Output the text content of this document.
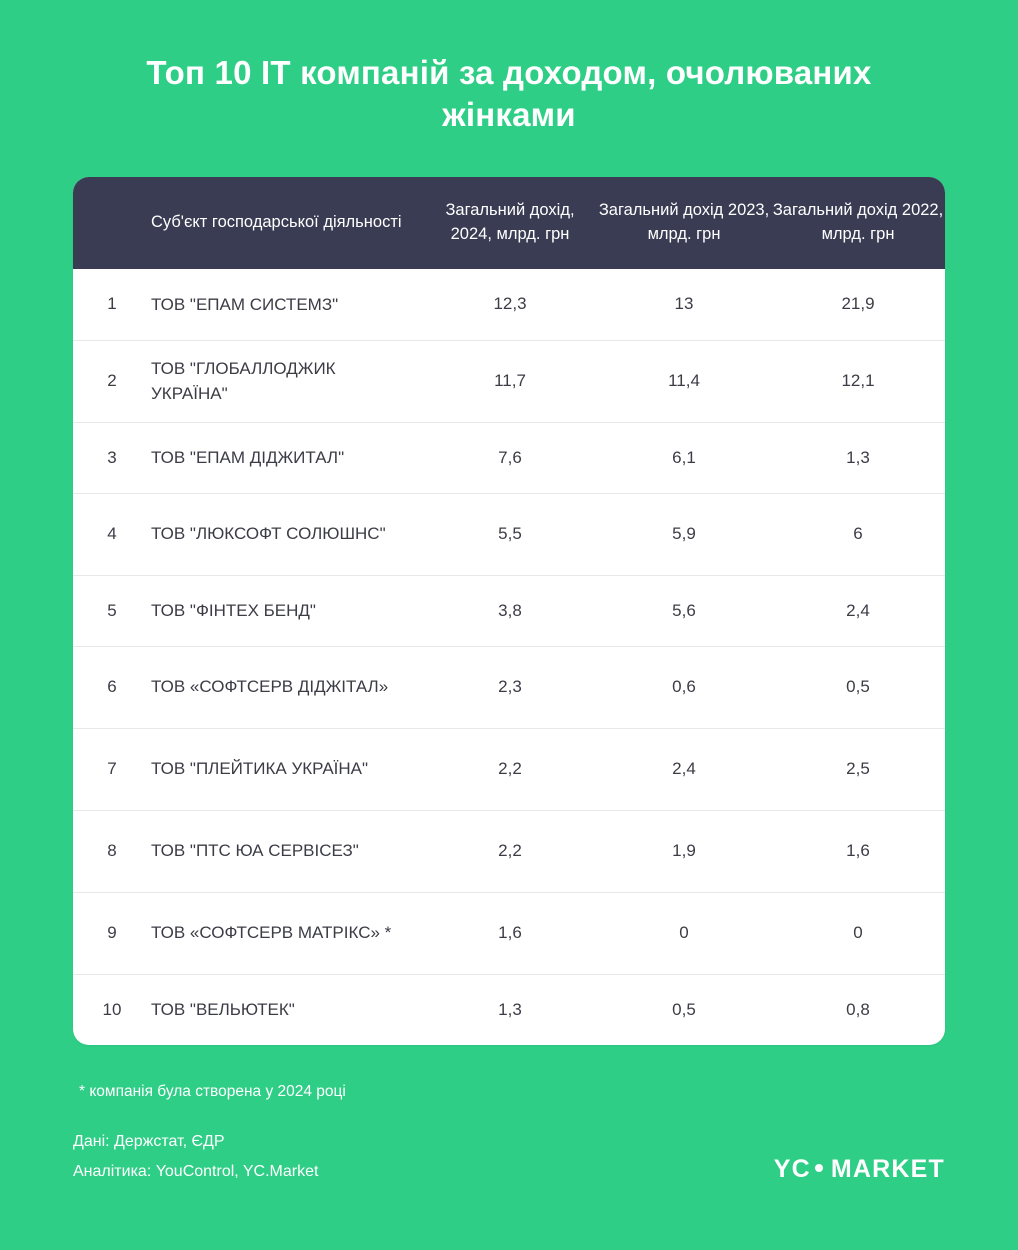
Топ 10 ІТ компаній за доходом, очолюваних жінками
	Суб'єкт господарської діяльності	Загальний дохід, 2024, млрд. грн	Загальний дохід 2023, млрд. грн	Загальний дохід 2022, млрд. грн
1	ТОВ "ЕПАМ СИСТЕМЗ"	12,3	13	21,9
2	ТОВ "ГЛОБАЛЛОДЖИК УКРАЇНА"	11,7	11,4	12,1
3	ТОВ "ЕПАМ ДІДЖИТАЛ"	7,6	6,1	1,3
4	ТОВ "ЛЮКСОФТ СОЛЮШНС"	5,5	5,9	6
5	ТОВ "ФІНТЕХ БЕНД"	3,8	5,6	2,4
6	ТОВ «СОФТСЕРВ ДІДЖІТАЛ»	2,3	0,6	0,5
7	ТОВ "ПЛЕЙТИКА УКРАЇНА"	2,2	2,4	2,5
8	ТОВ "ПТС ЮА СЕРВІСЕЗ"	2,2	1,9	1,6
9	ТОВ «СОФТСЕРВ МАТРІКС» *	1,6	0	0
10	ТОВ "ВЕЛЬЮТЕК"	1,3	0,5	0,8
* компанія була створена у 2024 році
Дані: Держстат, ЄДР
Аналітика: YouControl, YC.Market	YC MARKET
